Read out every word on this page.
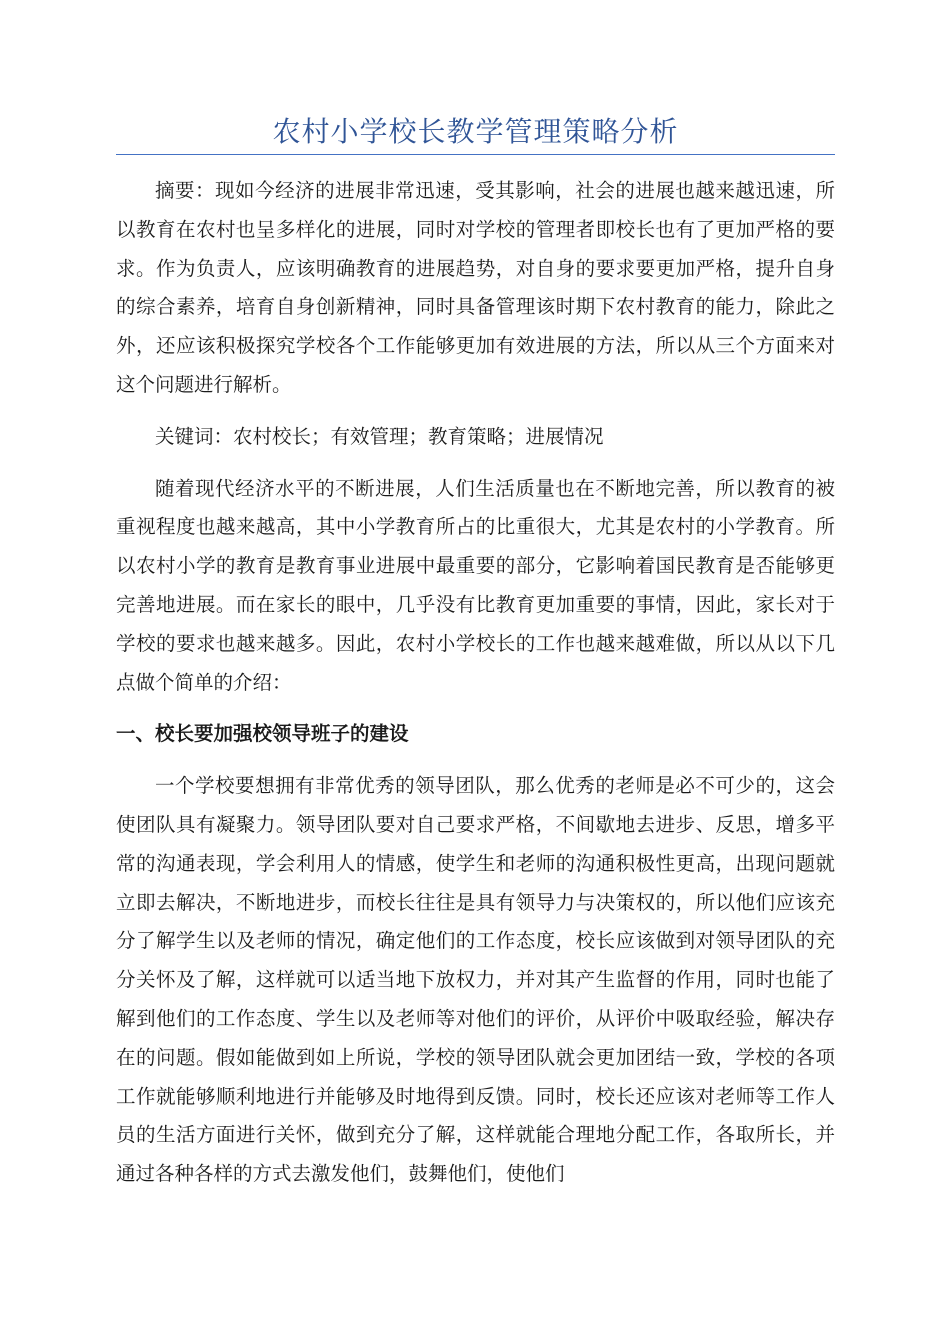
农村小学校长教学管理策略分析

摘要：现如今经济的进展非常迅速，受其影响，社会的进展也越来越迅速，所以教育在农村也呈多样化的进展，同时对学校的管理者即校长也有了更加严格的要求。作为负责人，应该明确教育的进展趋势，对自身的要求要更加严格，提升自身的综合素养，培育自身创新精神，同时具备管理该时期下农村教育的能力，除此之外，还应该积极探究学校各个工作能够更加有效进展的方法，所以从三个方面来对这个问题进行解析。

关键词：农村校长；有效管理；教育策略；进展情况

随着现代经济水平的不断进展，人们生活质量也在不断地完善，所以教育的被重视程度也越来越高，其中小学教育所占的比重很大，尤其是农村的小学教育。所以农村小学的教育是教育事业进展中最重要的部分，它影响着国民教育是否能够更完善地进展。而在家长的眼中，几乎没有比教育更加重要的事情，因此，家长对于学校的要求也越来越多。因此，农村小学校长的工作也越来越难做，所以从以下几点做个简单的介绍：

一、校长要加强校领导班子的建设

一个学校要想拥有非常优秀的领导团队，那么优秀的老师是必不可少的，这会使团队具有凝聚力。领导团队要对自己要求严格，不间歇地去进步、反思，增多平常的沟通表现，学会利用人的情感，使学生和老师的沟通积极性更高，出现问题就立即去解决，不断地进步，而校长往往是具有领导力与决策权的，所以他们应该充分了解学生以及老师的情况，确定他们的工作态度，校长应该做到对领导团队的充分关怀及了解，这样就可以适当地下放权力，并对其产生监督的作用，同时也能了解到他们的工作态度、学生以及老师等对他们的评价，从评价中吸取经验，解决存在的问题。假如能做到如上所说，学校的领导团队就会更加团结一致，学校的各项工作就能够顺利地进行并能够及时地得到反馈。同时，校长还应该对老师等工作人员的生活方面进行关怀，做到充分了解，这样就能合理地分配工作，各取所长，并通过各种各样的方式去激发他们，鼓舞他们，使他们
